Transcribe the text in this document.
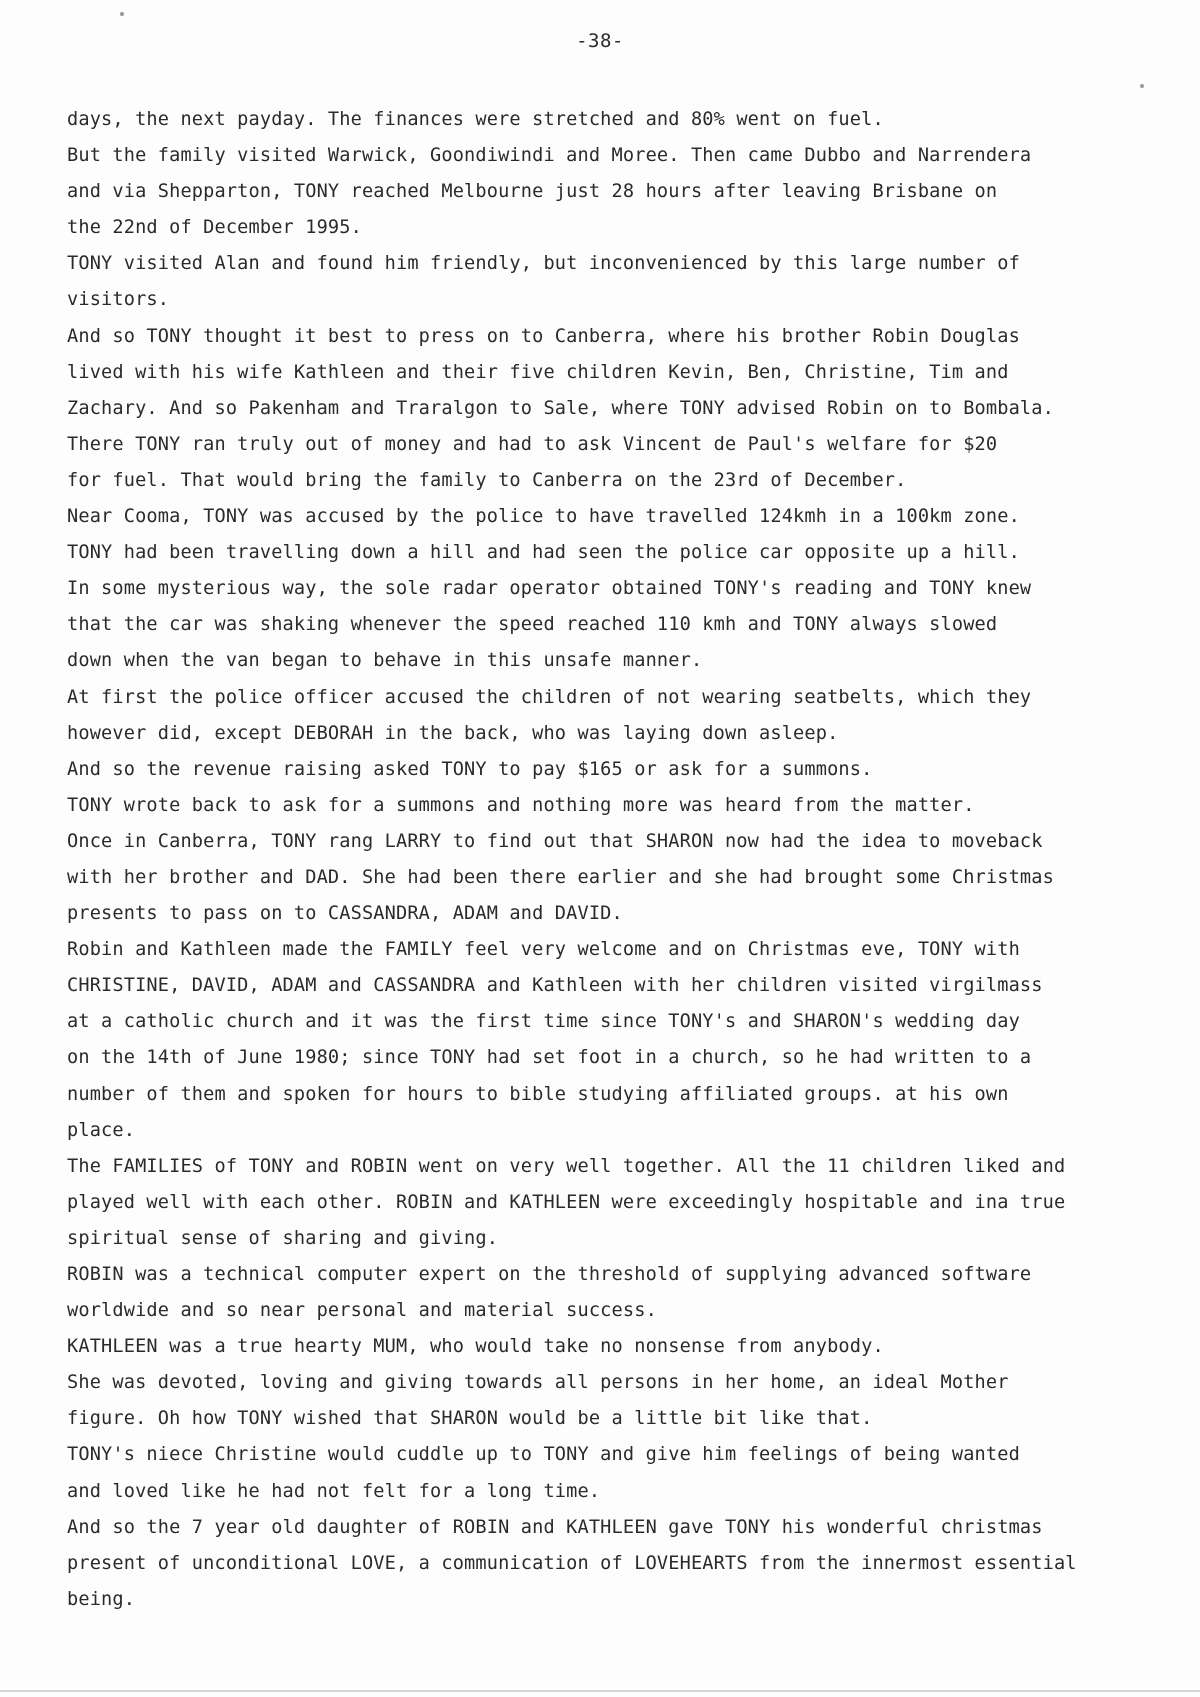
-38-
days, the next payday. The finances were stretched and 80% went on fuel.
But the family visited Warwick, Goondiwindi and Moree. Then came Dubbo and Narrendera
and via Shepparton, TONY reached Melbourne just 28 hours after leaving Brisbane on
the 22nd of December 1995.
TONY visited Alan and found him friendly, but inconvenienced by this large number of
visitors.
And so TONY thought it best to press on to Canberra, where his brother Robin Douglas
lived with his wife Kathleen and their five children Kevin, Ben, Christine, Tim and
Zachary. And so Pakenham and Traralgon to Sale, where TONY advised Robin on to Bombala.
There TONY ran truly out of money and had to ask Vincent de Paul's welfare for $20
for fuel. That would bring the family to Canberra on the 23rd of December.
Near Cooma, TONY was accused by the police to have travelled 124kmh in a 100km zone.
TONY had been travelling down a hill and had seen the police car opposite up a hill.
In some mysterious way, the sole radar operator obtained TONY's reading and TONY knew
that the car was shaking whenever the speed reached 110 kmh and TONY always slowed
down when the van began to behave in this unsafe manner.
At first the police officer accused the children of not wearing seatbelts, which they
however did, except DEBORAH in the back, who was laying down asleep.
And so the revenue raising asked TONY to pay $165 or ask for a summons.
TONY wrote back to ask for a summons and nothing more was heard from the matter.
Once in Canberra, TONY rang LARRY to find out that SHARON now had the idea to moveback
with her brother and DAD. She had been there earlier and she had brought some Christmas
presents to pass on to CASSANDRA, ADAM and DAVID.
Robin and Kathleen made the FAMILY feel very welcome and on Christmas eve, TONY with
CHRISTINE, DAVID, ADAM and CASSANDRA and Kathleen with her children visited virgilmass
at a catholic church and it was the first time since TONY's and SHARON's wedding day
on the 14th of June 1980; since TONY had set foot in a church, so he had written to a
number of them and spoken for hours to bible studying affiliated groups. at his own
place.
The FAMILIES of TONY and ROBIN went on very well together. All the 11 children liked and
played well with each other. ROBIN and KATHLEEN were exceedingly hospitable and ina true
spiritual sense of sharing and giving.
ROBIN was a technical computer expert on the threshold of supplying advanced software
worldwide and so near personal and material success.
KATHLEEN was a true hearty MUM, who would take no nonsense from anybody.
She was devoted, loving and giving towards all persons in her home, an ideal Mother
figure. Oh how TONY wished that SHARON would be a little bit like that.
TONY's niece Christine would cuddle up to TONY and give him feelings of being wanted
and loved like he had not felt for a long time.
And so the 7 year old daughter of ROBIN and KATHLEEN gave TONY his wonderful christmas
present of unconditional LOVE, a communication of LOVEHEARTS from the innermost essential
being.
